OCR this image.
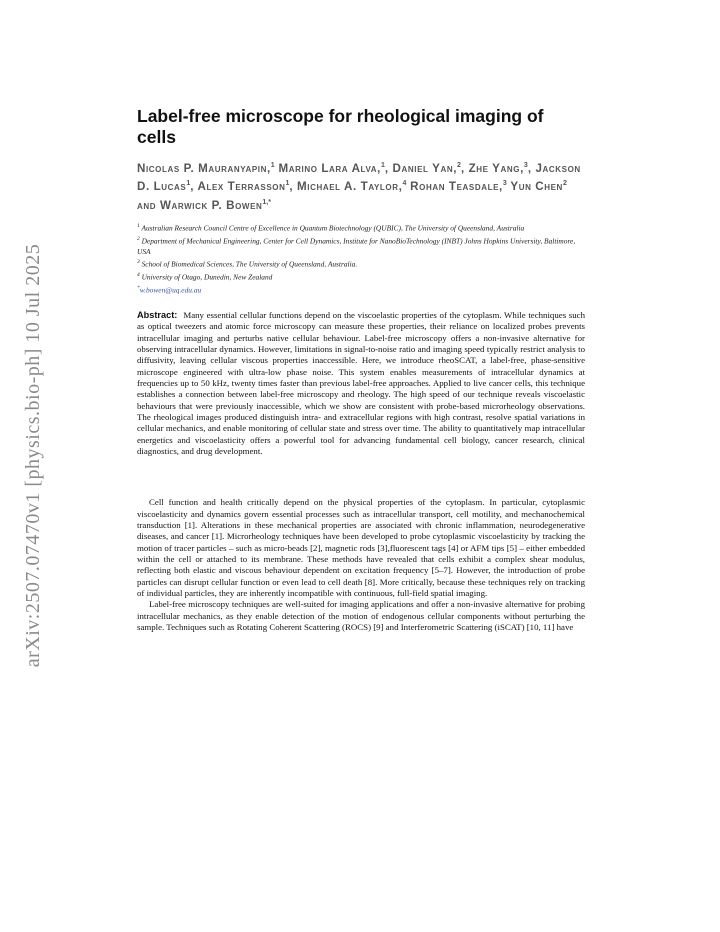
arXiv:2507.07470v1 [physics.bio-ph] 10 Jul 2025
Label-free microscope for rheological imaging of cells
Nicolas P. Mauranyapin,$^1$ Marino Lara Alva,$^1$, Daniel Yan,$^2$, Zhe Yang,$^3$, Jackson D. Lucas$^1$, Alex Terrasson$^1$, Michael A. Taylor,$^4$ Rohan Teasdale,$^3$ Yun Chen$^2$ and Warwick P. Bowen$^{1,*}$
$^1$ Australian Research Council Centre of Excellence in Quantum Biotechnology (QUBIC), The University of Queensland, Australia
$^2$ Department of Mechanical Engineering, Center for Cell Dynamics, Institute for NanoBioTechnology (INBT) Johns Hopkins University, Baltimore, USA
$^3$ School of Biomedical Sciences, The University of Queensland, Australia.
$^4$ University of Otago, Dunedin, New Zealand
*w.bowen@uq.edu.au

Abstract: Many essential cellular functions depend on the viscoelastic properties of the cytoplasm. While techniques such as optical tweezers and atomic force microscopy can measure these properties, their reliance on localized probes prevents intracellular imaging and perturbs native cellular behaviour. Label-free microscopy offers a non-invasive alternative for observing intracellular dynamics. However, limitations in signal-to-noise ratio and imaging speed typically restrict analysis to diffusivity, leaving cellular viscous properties inaccessible. Here, we introduce rheoSCAT, a label-free, phase-sensitive microscope engineered with ultra-low phase noise. This system enables measurements of intracellular dynamics at frequencies up to 50 kHz, twenty times faster than previous label-free approaches. Applied to live cancer cells, this technique establishes a connection between label-free microscopy and rheology. The high speed of our technique reveals viscoelastic behaviours that were previously inaccessible, which we show are consistent with probe-based microrheology observations. The rheological images produced distinguish intra- and extracellular regions with high contrast, resolve spatial variations in cellular mechanics, and enable monitoring of cellular state and stress over time. The ability to quantitatively map intracellular energetics and viscoelasticity offers a powerful tool for advancing fundamental cell biology, cancer research, clinical diagnostics, and drug development.

Cell function and health critically depend on the physical properties of the cytoplasm. In particular, cytoplasmic viscoelasticity and dynamics govern essential processes such as intracellular transport, cell motility, and mechanochemical transduction [1]. Alterations in these mechanical properties are associated with chronic inflammation, neurodegenerative diseases, and cancer [1]. Microrheology techniques have been developed to probe cytoplasmic viscoelasticity by tracking the motion of tracer particles – such as micro-beads [2], magnetic rods [3],fluorescent tags [4] or AFM tips [5] – either embedded within the cell or attached to its membrane. These methods have revealed that cells exhibit a complex shear modulus, reflecting both elastic and viscous behaviour dependent on excitation frequency [5–7]. However, the introduction of probe particles can disrupt cellular function or even lead to cell death [8]. More critically, because these techniques rely on tracking of individual particles, they are inherently incompatible with continuous, full-field spatial imaging.

Label-free microscopy techniques are well-suited for imaging applications and offer a non-invasive alternative for probing intracellular mechanics, as they enable detection of the motion of endogenous cellular components without perturbing the sample. Techniques such as Rotating Coherent Scattering (ROCS) [9] and Interferometric Scattering (iSCAT) [10, 11] have
